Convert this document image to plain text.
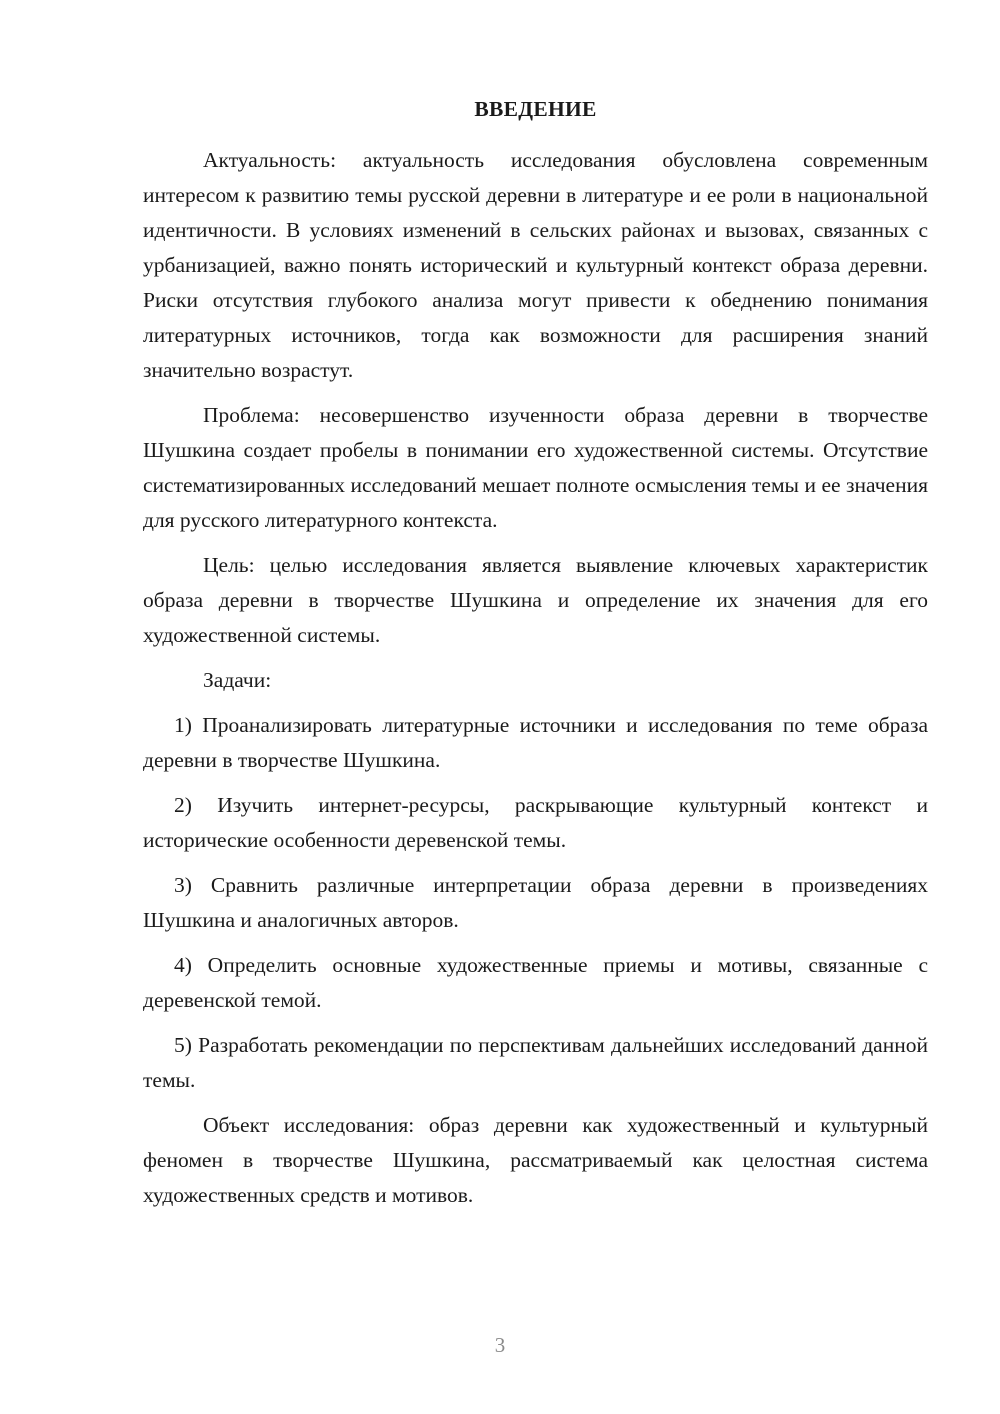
ВВЕДЕНИЕ

Актуальность: актуальность исследования обусловлена современным интересом к развитию темы русской деревни в литературе и ее роли в национальной идентичности. В условиях изменений в сельских районах и вызовах, связанных с урбанизацией, важно понять исторический и культурный контекст образа деревни. Риски отсутствия глубокого анализа могут привести к обеднению понимания литературных источников, тогда как возможности для расширения знаний значительно возрастут.

Проблема: несовершенство изученности образа деревни в творчестве Шушкина создает пробелы в понимании его художественной системы. Отсутствие систематизированных исследований мешает полноте осмысления темы и ее значения для русского литературного контекста.

Цель: целью исследования является выявление ключевых характеристик образа деревни в творчестве Шушкина и определение их значения для его художественной системы.

Задачи:

1) Проанализировать литературные источники и исследования по теме образа деревни в творчестве Шушкина.

2) Изучить интернет-ресурсы, раскрывающие культурный контекст и исторические особенности деревенской темы.

3) Сравнить различные интерпретации образа деревни в произведениях Шушкина и аналогичных авторов.

4) Определить основные художественные приемы и мотивы, связанные с деревенской темой.

5) Разработать рекомендации по перспективам дальнейших исследований данной темы.

Объект исследования: образ деревни как художественный и культурный феномен в творчестве Шушкина, рассматриваемый как целостная система художественных средств и мотивов.

3
